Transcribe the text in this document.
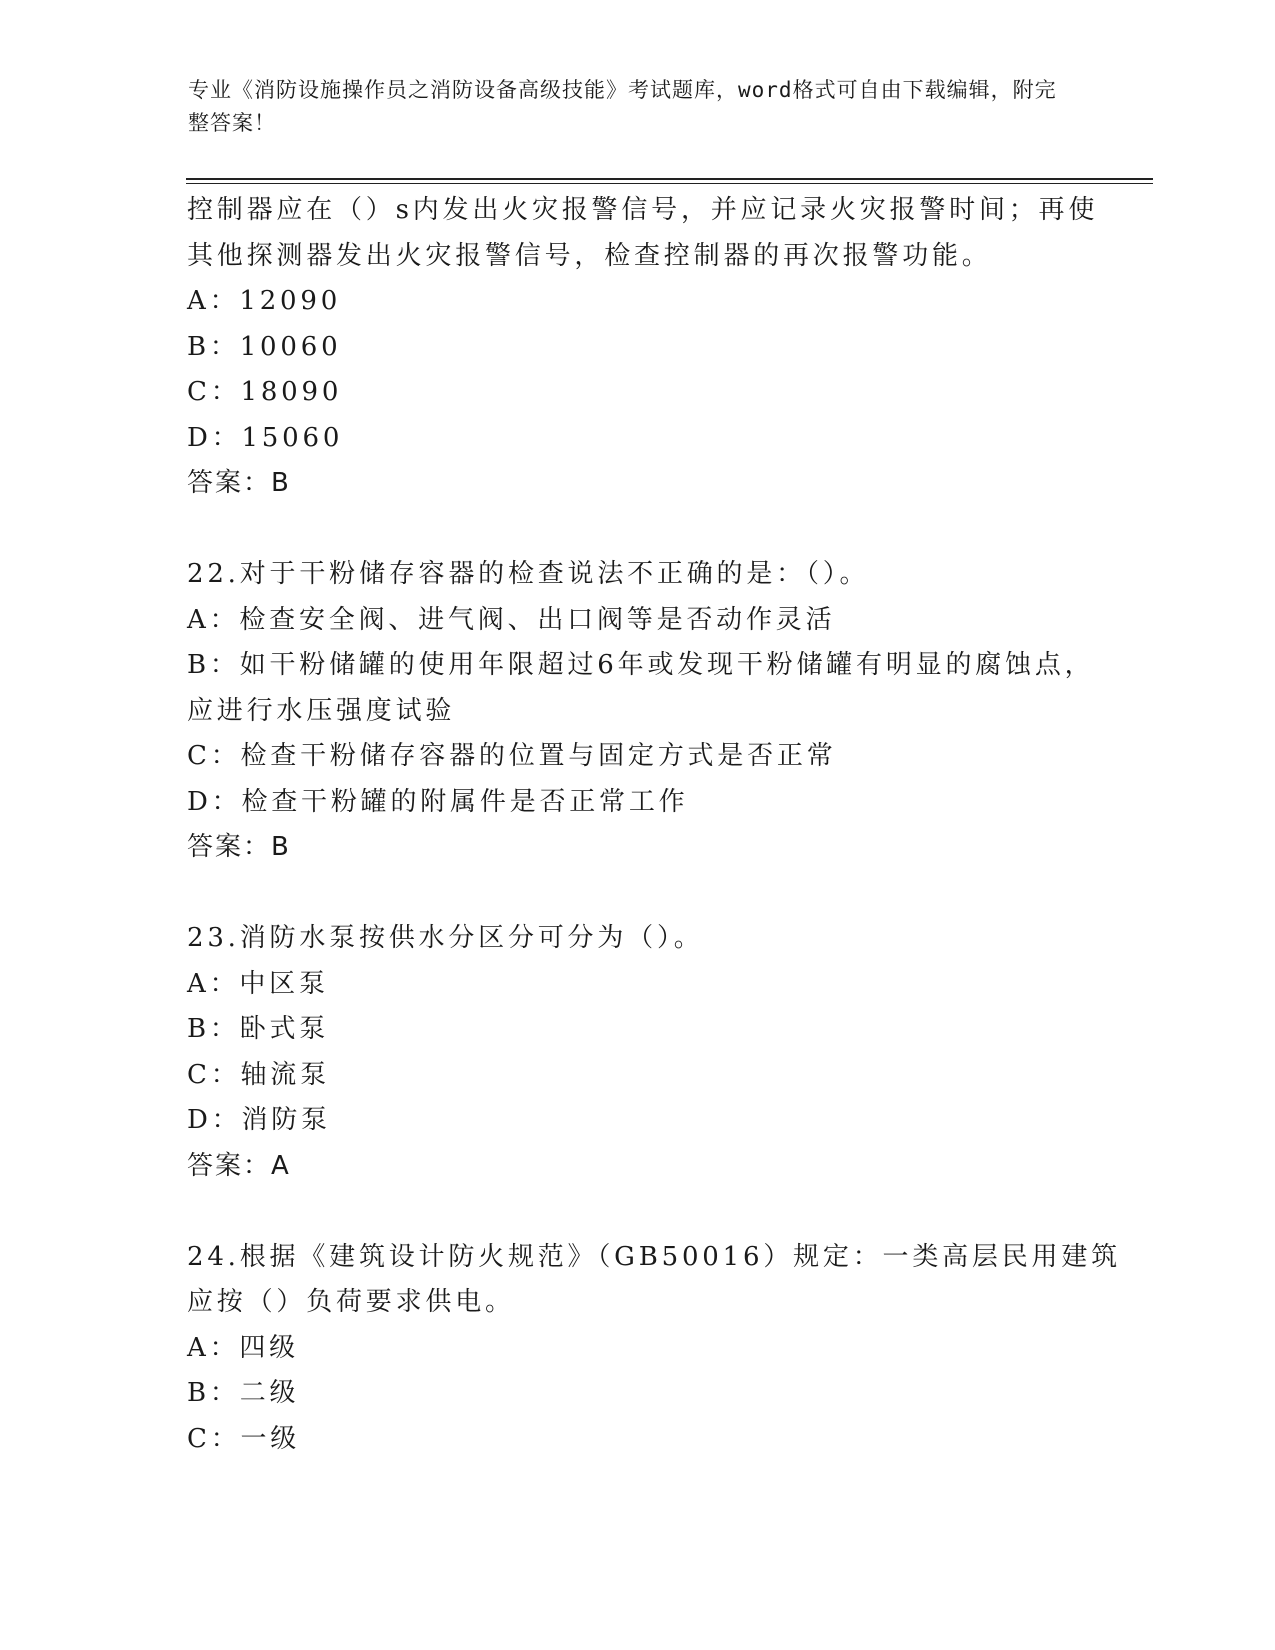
专业《消防设施操作员之消防设备高级技能》考试题库，word格式可自由下载编辑，附完整答案！
控制器应在（）s内发出火灾报警信号，并应记录火灾报警时间；再使
其他探测器发出火灾报警信号，检查控制器的再次报警功能。
A：12090
B：10060
C：18090
D：15060
答案：B
22.对于干粉储存容器的检查说法不正确的是：（）。
A：检查安全阀、进气阀、出口阀等是否动作灵活
B：如干粉储罐的使用年限超过6年或发现干粉储罐有明显的腐蚀点，
应进行水压强度试验
C：检查干粉储存容器的位置与固定方式是否正常
D：检查干粉罐的附属件是否正常工作
答案：B
23.消防水泵按供水分区分可分为（）。
A：中区泵
B：卧式泵
C：轴流泵
D：消防泵
答案：A
24.根据《建筑设计防火规范》（GB50016）规定：一类高层民用建筑
应按（）负荷要求供电。
A：四级
B：二级
C：一级
